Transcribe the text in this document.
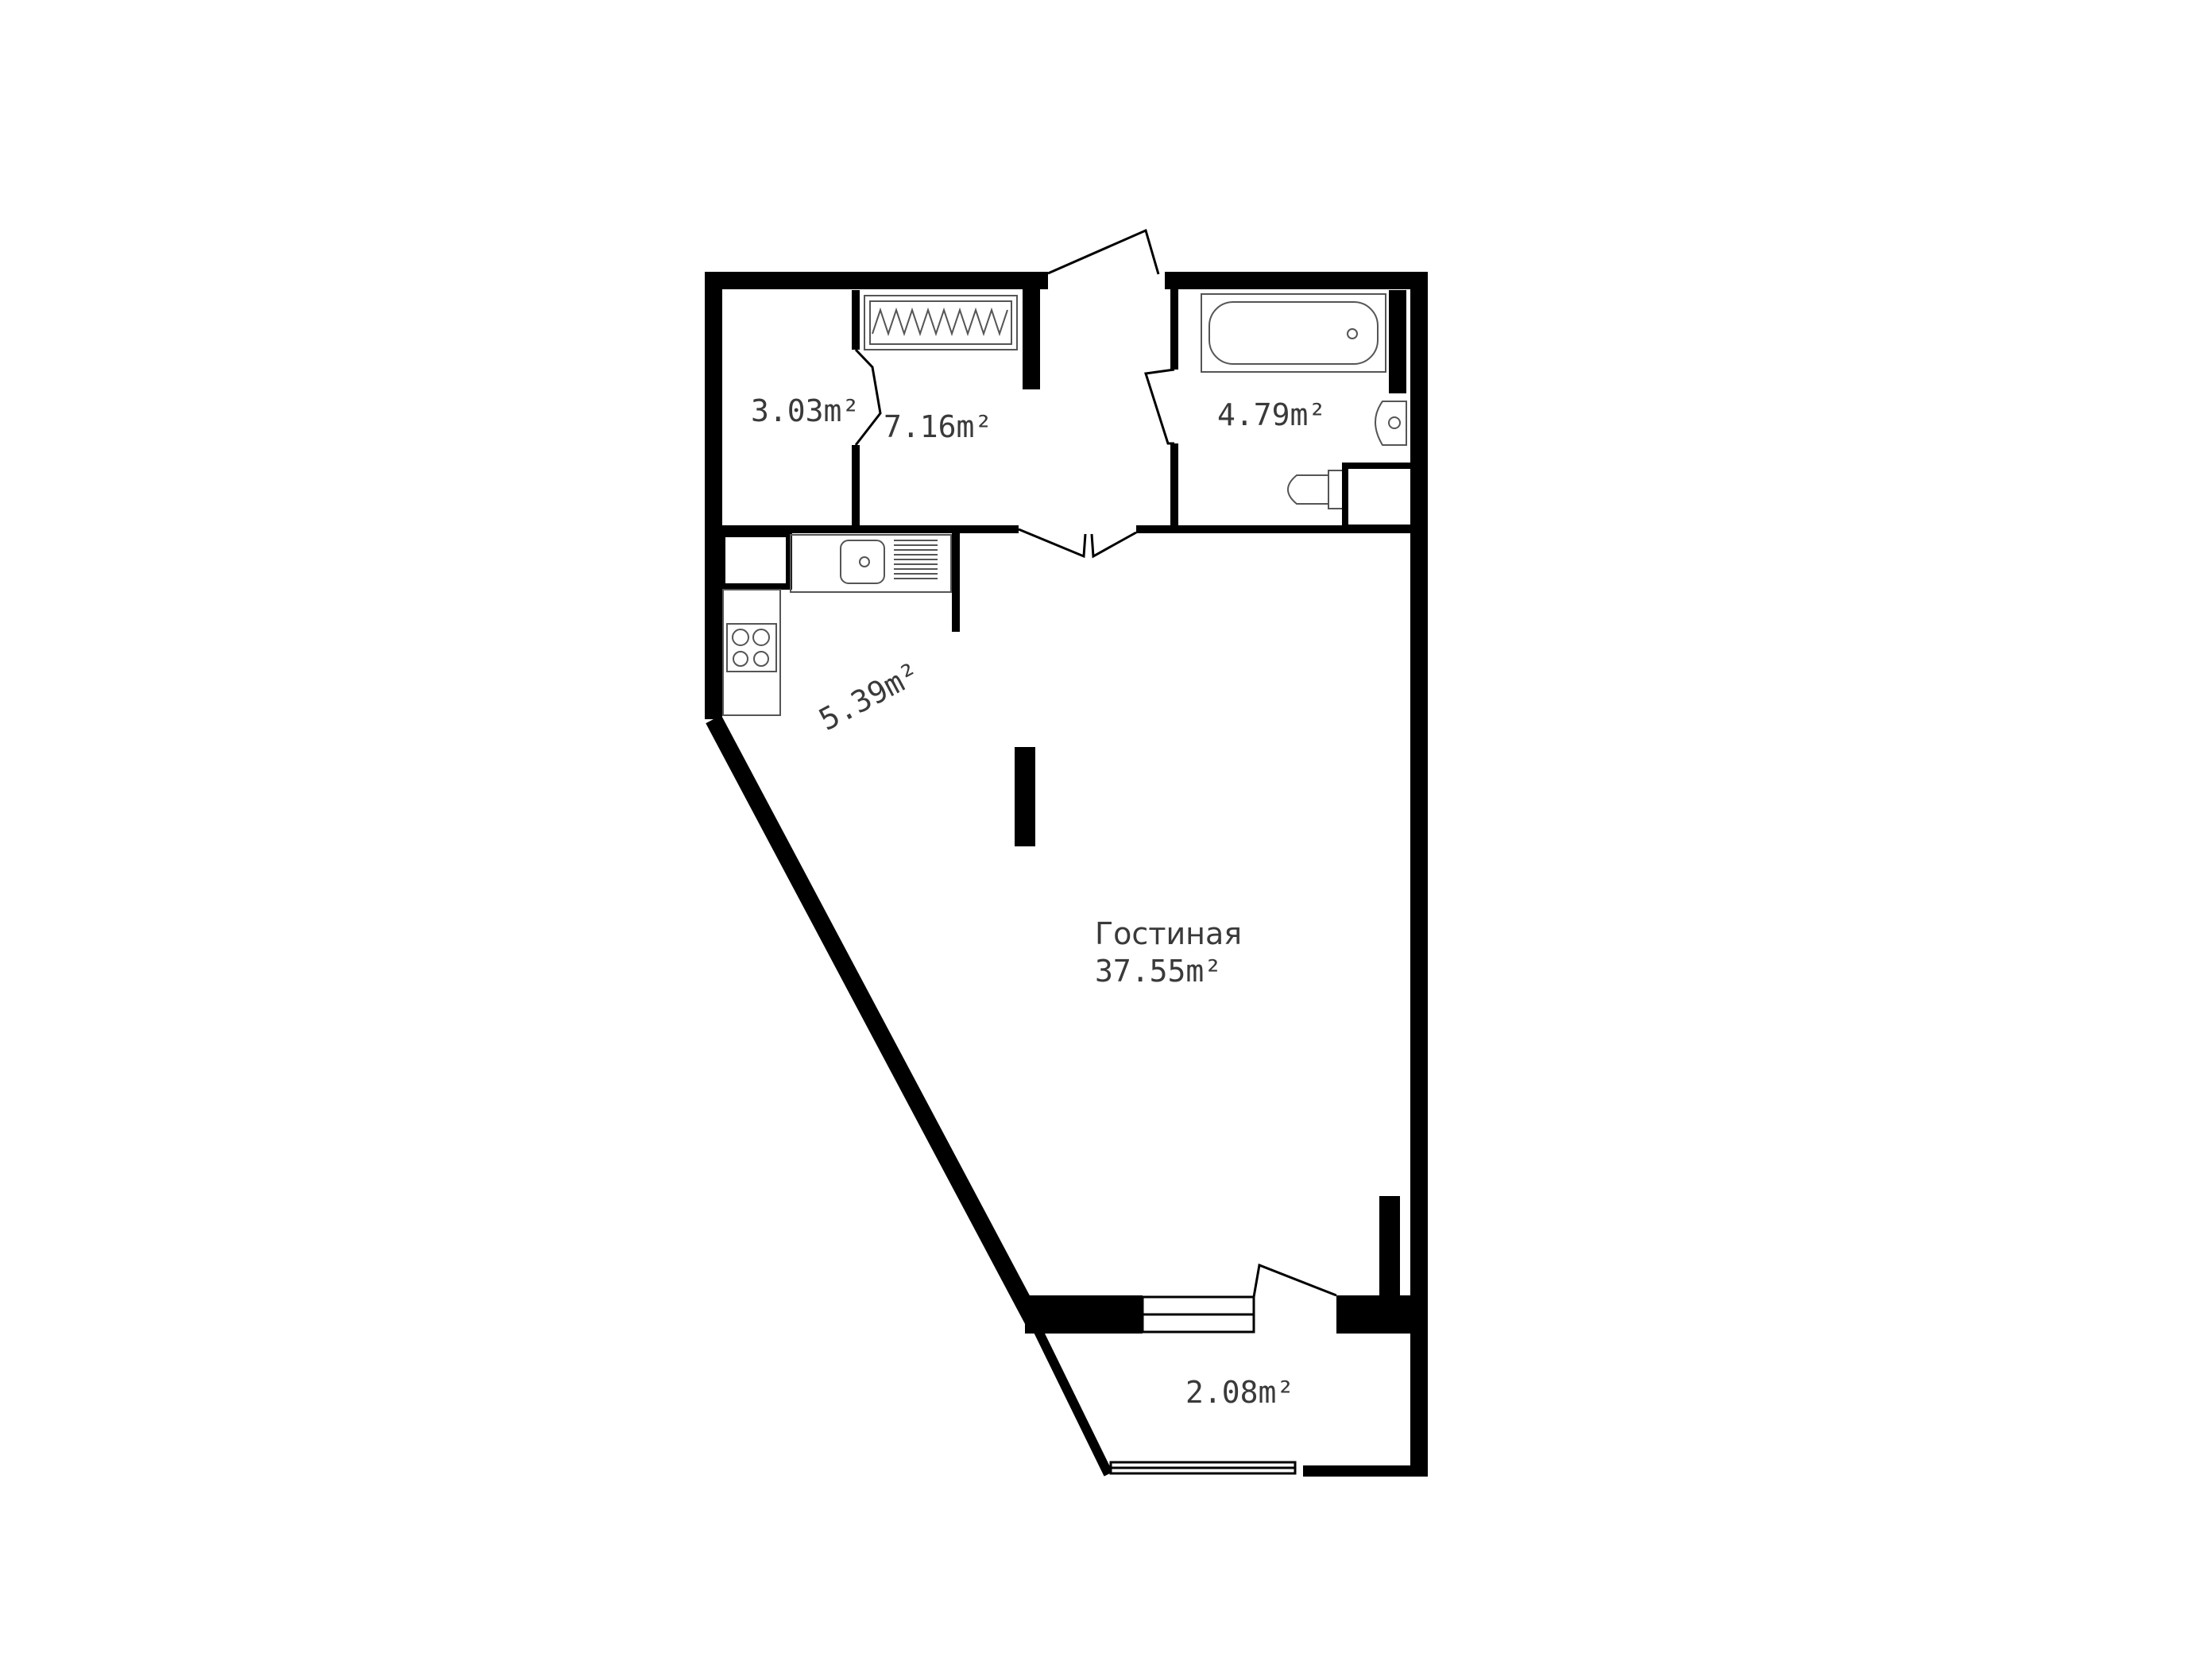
3.03m² 7.16m²	4.79m²
5.39m²
Гостиная
37.55m²
2.08m²
